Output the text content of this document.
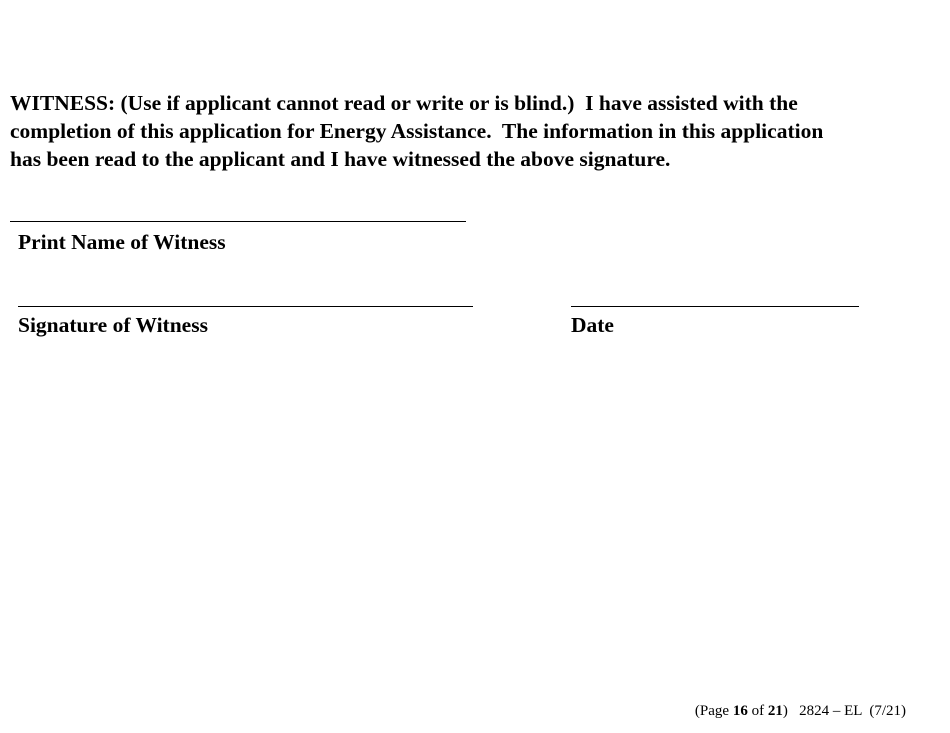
WITNESS: (Use if applicant cannot read or write or is blind.)  I have assisted with the
completion of this application for Energy Assistance.  The information in this application
has been read to the applicant and I have witnessed the above signature.
Print Name of Witness
Signature of Witness	Date
(Page 16 of 21)   2824 – EL  (7/21)
